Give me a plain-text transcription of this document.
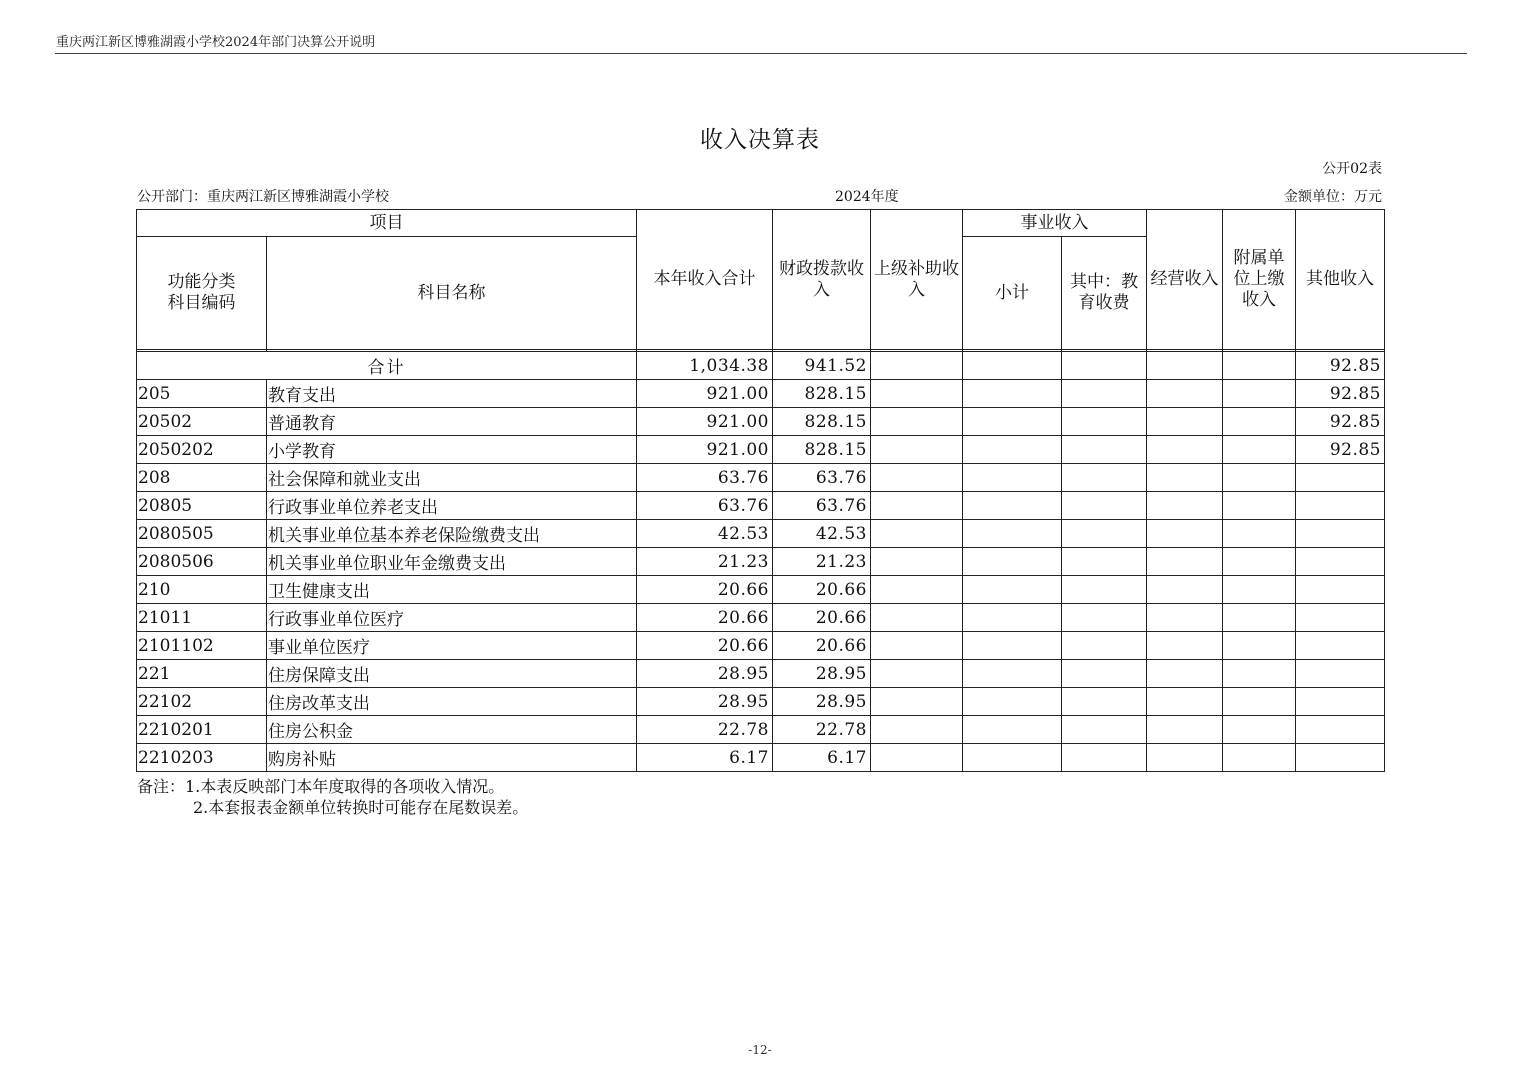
重庆两江新区博雅湖霞小学校2024年部门决算公开说明
收入决算表
公开02表
公开部门：重庆两江新区博雅湖霞小学校	2024年度	金额单位：万元
项目		本年收入合计	财政拨款收入	上级补助收入	事业收入		经营收入	附属单位上缴收入	其他收入
功能分类
科目编码	科目名称				小计	其中：教育收费			

合计		1,034.38	941.52						92.85
205	教育支出	921.00	828.15						92.85
20502	普通教育	921.00	828.15						92.85
2050202	小学教育	921.00	828.15						92.85
208	社会保障和就业支出	63.76	63.76						
20805	行政事业单位养老支出	63.76	63.76						
2080505	机关事业单位基本养老保险缴费支出	42.53	42.53						
2080506	机关事业单位职业年金缴费支出	21.23	21.23						
210	卫生健康支出	20.66	20.66						
21011	行政事业单位医疗	20.66	20.66						
2101102	事业单位医疗	20.66	20.66						
221	住房保障支出	28.95	28.95						
22102	住房改革支出	28.95	28.95						
2210201	住房公积金	22.78	22.78						
2210203	购房补贴	6.17	6.17						
备注：1.本表反映部门本年度取得的各项收入情况。
2.本套报表金额单位转换时可能存在尾数误差。
-12-
